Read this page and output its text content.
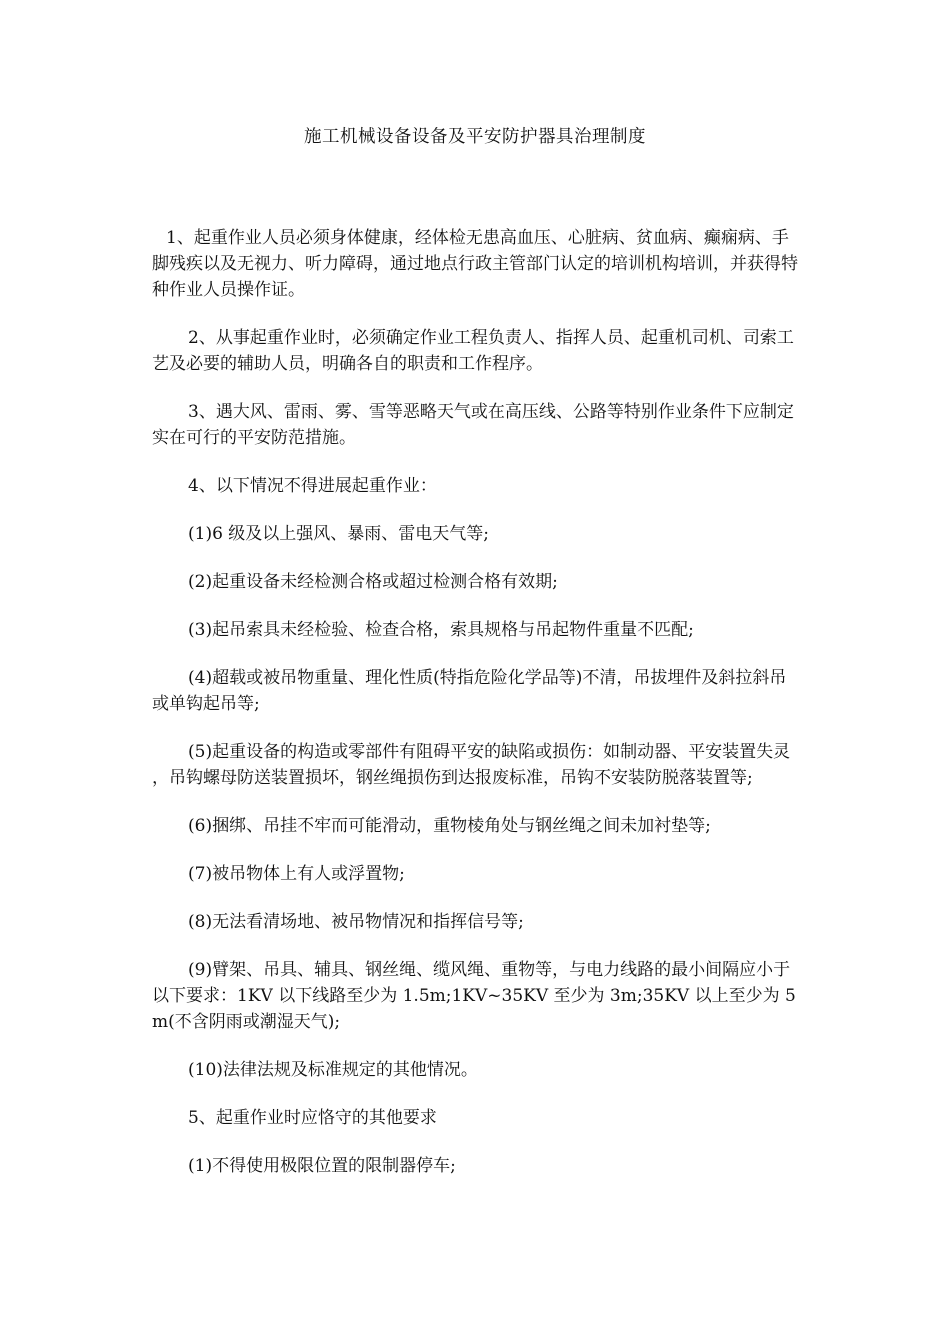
施工机械设备设备及平安防护器具治理制度

1、起重作业人员必须身体健康，经体检无患高血压、心脏病、贫血病、癫痫病、手脚残疾以及无视力、听力障碍，通过地点行政主管部门认定的培训机构培训，并获得特种作业人员操作证。

2、从事起重作业时，必须确定作业工程负责人、指挥人员、起重机司机、司索工艺及必要的辅助人员，明确各自的职责和工作程序。

3、遇大风、雷雨、雾、雪等恶略天气或在高压线、公路等特别作业条件下应制定实在可行的平安防范措施。

4、以下情况不得进展起重作业：

(1)6 级及以上强风、暴雨、雷电天气等;

(2)起重设备未经检测合格或超过检测合格有效期;

(3)起吊索具未经检验、检查合格，索具规格与吊起物件重量不匹配;

(4)超载或被吊物重量、理化性质(特指危险化学品等)不清，吊拔埋件及斜拉斜吊或单钩起吊等;

(5)起重设备的构造或零部件有阻碍平安的缺陷或损伤：如制动器、平安装置失灵，吊钩螺母防送装置损坏，钢丝绳损伤到达报废标准，吊钩不安装防脱落装置等;

(6)捆绑、吊挂不牢而可能滑动，重物棱角处与钢丝绳之间未加衬垫等;

(7)被吊物体上有人或浮置物;

(8)无法看清场地、被吊物情况和指挥信号等;

(9)臂架、吊具、辅具、钢丝绳、缆风绳、重物等，与电力线路的最小间隔应小于以下要求：1KV 以下线路至少为 1.5m;1KV~35KV 至少为 3m;35KV 以上至少为 5m(不含阴雨或潮湿天气);

(10)法律法规及标准规定的其他情况。

5、起重作业时应恪守的其他要求

(1)不得使用极限位置的限制器停车;
